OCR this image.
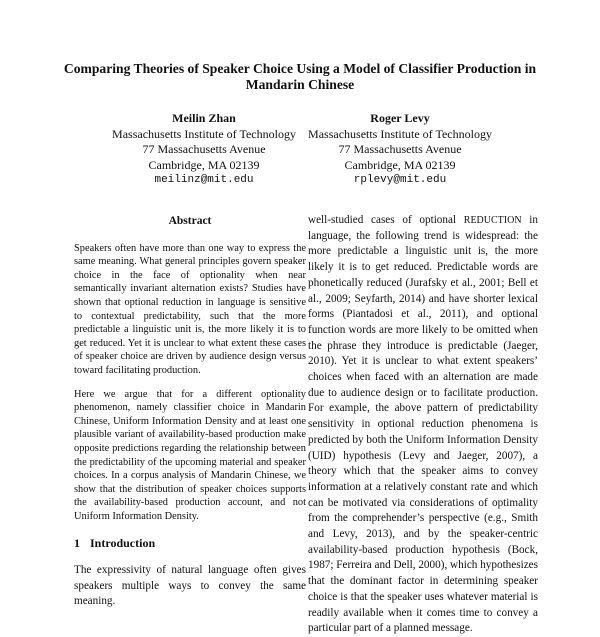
Comparing Theories of Speaker Choice Using a Model of Classifier Production in Mandarin Chinese
Meilin Zhan
Massachusetts Institute of Technology
77 Massachusetts Avenue
Cambridge, MA 02139
meilinz@mit.edu
Roger Levy
Massachusetts Institute of Technology
77 Massachusetts Avenue
Cambridge, MA 02139
rplevy@mit.edu
Abstract

Speakers often have more than one way to express the same meaning. What general principles govern speaker choice in the face of optionality when near semantically invariant alternation exists? Studies have shown that optional reduction in language is sensitive to contextual predictability, such that the more predictable a linguistic unit is, the more likely it is to get reduced. Yet it is unclear to what extent these cases of speaker choice are driven by audience design versus toward facilitating production.

Here we argue that for a different optionality phenomenon, namely classifier choice in Mandarin Chinese, Uniform Information Density and at least one plausible variant of availability-based production make opposite predictions regarding the relationship between the predictability of the upcoming material and speaker choices. In a corpus analysis of Mandarin Chinese, we show that the distribution of speaker choices supports the availability-based production account, and not Uniform Information Density.

1 Introduction

The expressivity of natural language often gives speakers multiple ways to convey the same meaning.

well-studied cases of optional REDUCTION in language, the following trend is widespread: the more predictable a linguistic unit is, the more likely it is to get reduced. Predictable words are phonetically reduced (Jurafsky et al., 2001; Bell et al., 2009; Seyfarth, 2014) and have shorter lexical forms (Piantadosi et al., 2011), and optional function words are more likely to be omitted when the phrase they introduce is predictable (Jaeger, 2010). Yet it is unclear to what extent speakers’ choices when faced with an alternation are made due to audience design or to facilitate production. For example, the above pattern of predictability sensitivity in optional reduction phenomena is predicted by both the Uniform Information Density (UID) hypothesis (Levy and Jaeger, 2007), a theory which that the speaker aims to convey information at a relatively constant rate and which can be motivated via considerations of optimality from the comprehender’s perspective (e.g., Smith and Levy, 2013), and by the speaker-centric availability-based production hypothesis (Bock, 1987; Ferreira and Dell, 2000), which hypothesizes that the dominant factor in determining speaker choice is that the speaker uses whatever material is readily available when it comes time to convey a particular part of a planned message.
